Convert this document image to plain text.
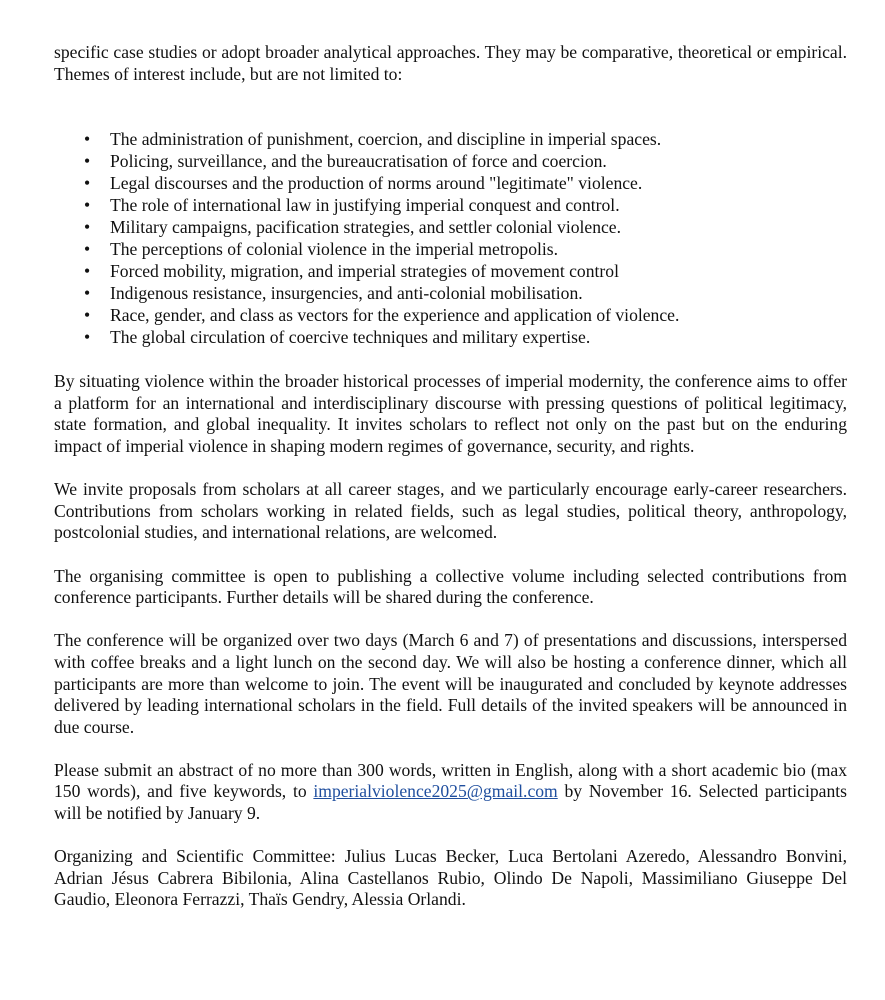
specific case studies or adopt broader analytical approaches. They may be comparative, theoretical or empirical. Themes of interest include, but are not limited to:

• The administration of punishment, coercion, and discipline in imperial spaces.
• Policing, surveillance, and the bureaucratisation of force and coercion.
• Legal discourses and the production of norms around "legitimate" violence.
• The role of international law in justifying imperial conquest and control.
• Military campaigns, pacification strategies, and settler colonial violence.
• The perceptions of colonial violence in the imperial metropolis.
• Forced mobility, migration, and imperial strategies of movement control
• Indigenous resistance, insurgencies, and anti-colonial mobilisation.
• Race, gender, and class as vectors for the experience and application of violence.
• The global circulation of coercive techniques and military expertise.

By situating violence within the broader historical processes of imperial modernity, the conference aims to offer a platform for an international and interdisciplinary discourse with pressing questions of political legitimacy, state formation, and global inequality. It invites scholars to reflect not only on the past but on the enduring impact of imperial violence in shaping modern regimes of governance, security, and rights.

We invite proposals from scholars at all career stages, and we particularly encourage early-career researchers. Contributions from scholars working in related fields, such as legal studies, political theory, anthropology, postcolonial studies, and international relations, are welcomed.

The organising committee is open to publishing a collective volume including selected contributions from conference participants. Further details will be shared during the conference.

The conference will be organized over two days (March 6 and 7) of presentations and discussions, interspersed with coffee breaks and a light lunch on the second day. We will also be hosting a conference dinner, which all participants are more than welcome to join. The event will be inaugurated and concluded by keynote addresses delivered by leading international scholars in the field. Full details of the invited speakers will be announced in due course.

Please submit an abstract of no more than 300 words, written in English, along with a short academic bio (max 150 words), and five keywords, to imperialviolence2025@gmail.com by November 16. Selected participants will be notified by January 9.

Organizing and Scientific Committee: Julius Lucas Becker, Luca Bertolani Azeredo, Alessandro Bonvini, Adrian Jésus Cabrera Bibilonia, Alina Castellanos Rubio, Olindo De Napoli, Massimiliano Giuseppe Del Gaudio, Eleonora Ferrazzi, Thaïs Gendry, Alessia Orlandi.
